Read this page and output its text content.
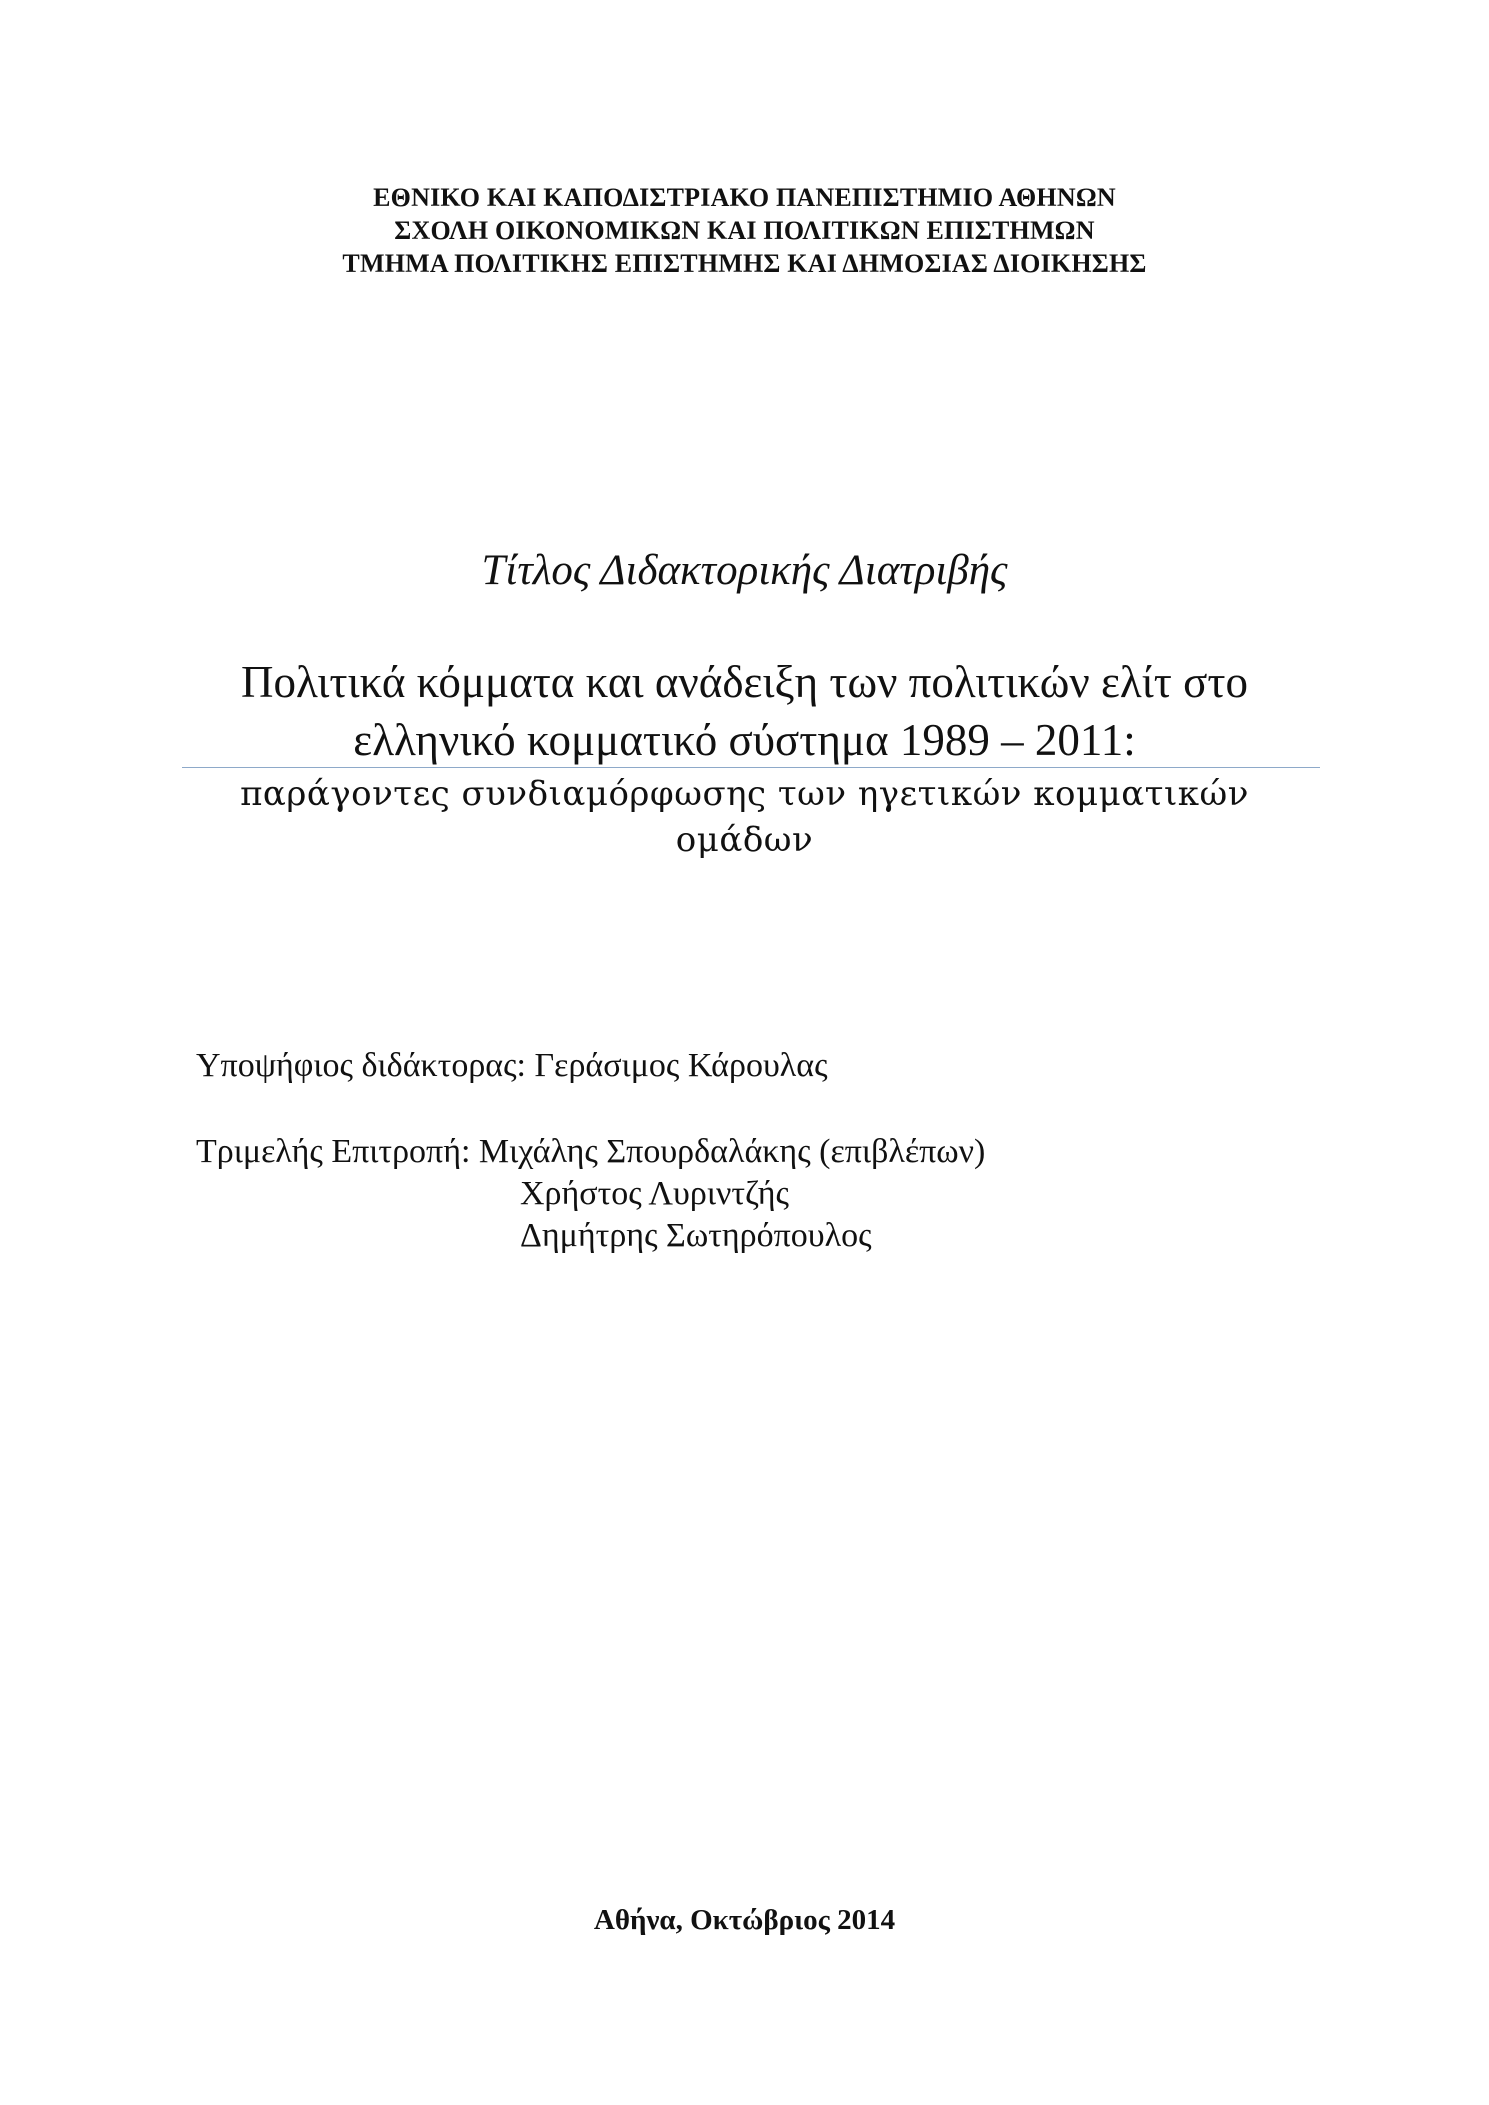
ΕΘΝΙΚΟ ΚΑΙ ΚΑΠΟΔΙΣΤΡΙΑΚΟ ΠΑΝΕΠΙΣΤΗΜΙΟ ΑΘΗΝΩΝ
ΣΧΟΛΗ ΟΙΚΟΝΟΜΙΚΩΝ ΚΑΙ ΠΟΛΙΤΙΚΩΝ ΕΠΙΣΤΗΜΩΝ
ΤΜΗΜΑ ΠΟΛΙΤΙΚΗΣ ΕΠΙΣΤΗΜΗΣ ΚΑΙ ΔΗΜΟΣΙΑΣ ΔΙΟΙΚΗΣΗΣ
Τίτλος Διδακτορικής Διατριβής
Πολιτικά κόμματα και ανάδειξη των πολιτικών ελίτ στο
ελληνικό κομματικό σύστημα 1989 – 2011:
παράγοντες συνδιαμόρφωσης των ηγετικών κομματικών
ομάδων
Υποψήφιος διδάκτορας: Γεράσιμος Κάρουλας
Τριμελής Επιτροπή: Μιχάλης Σπουρδαλάκης (επιβλέπων)
Χρήστος Λυριντζής
Δημήτρης Σωτηρόπουλος
Αθήνα, Οκτώβριος 2014
